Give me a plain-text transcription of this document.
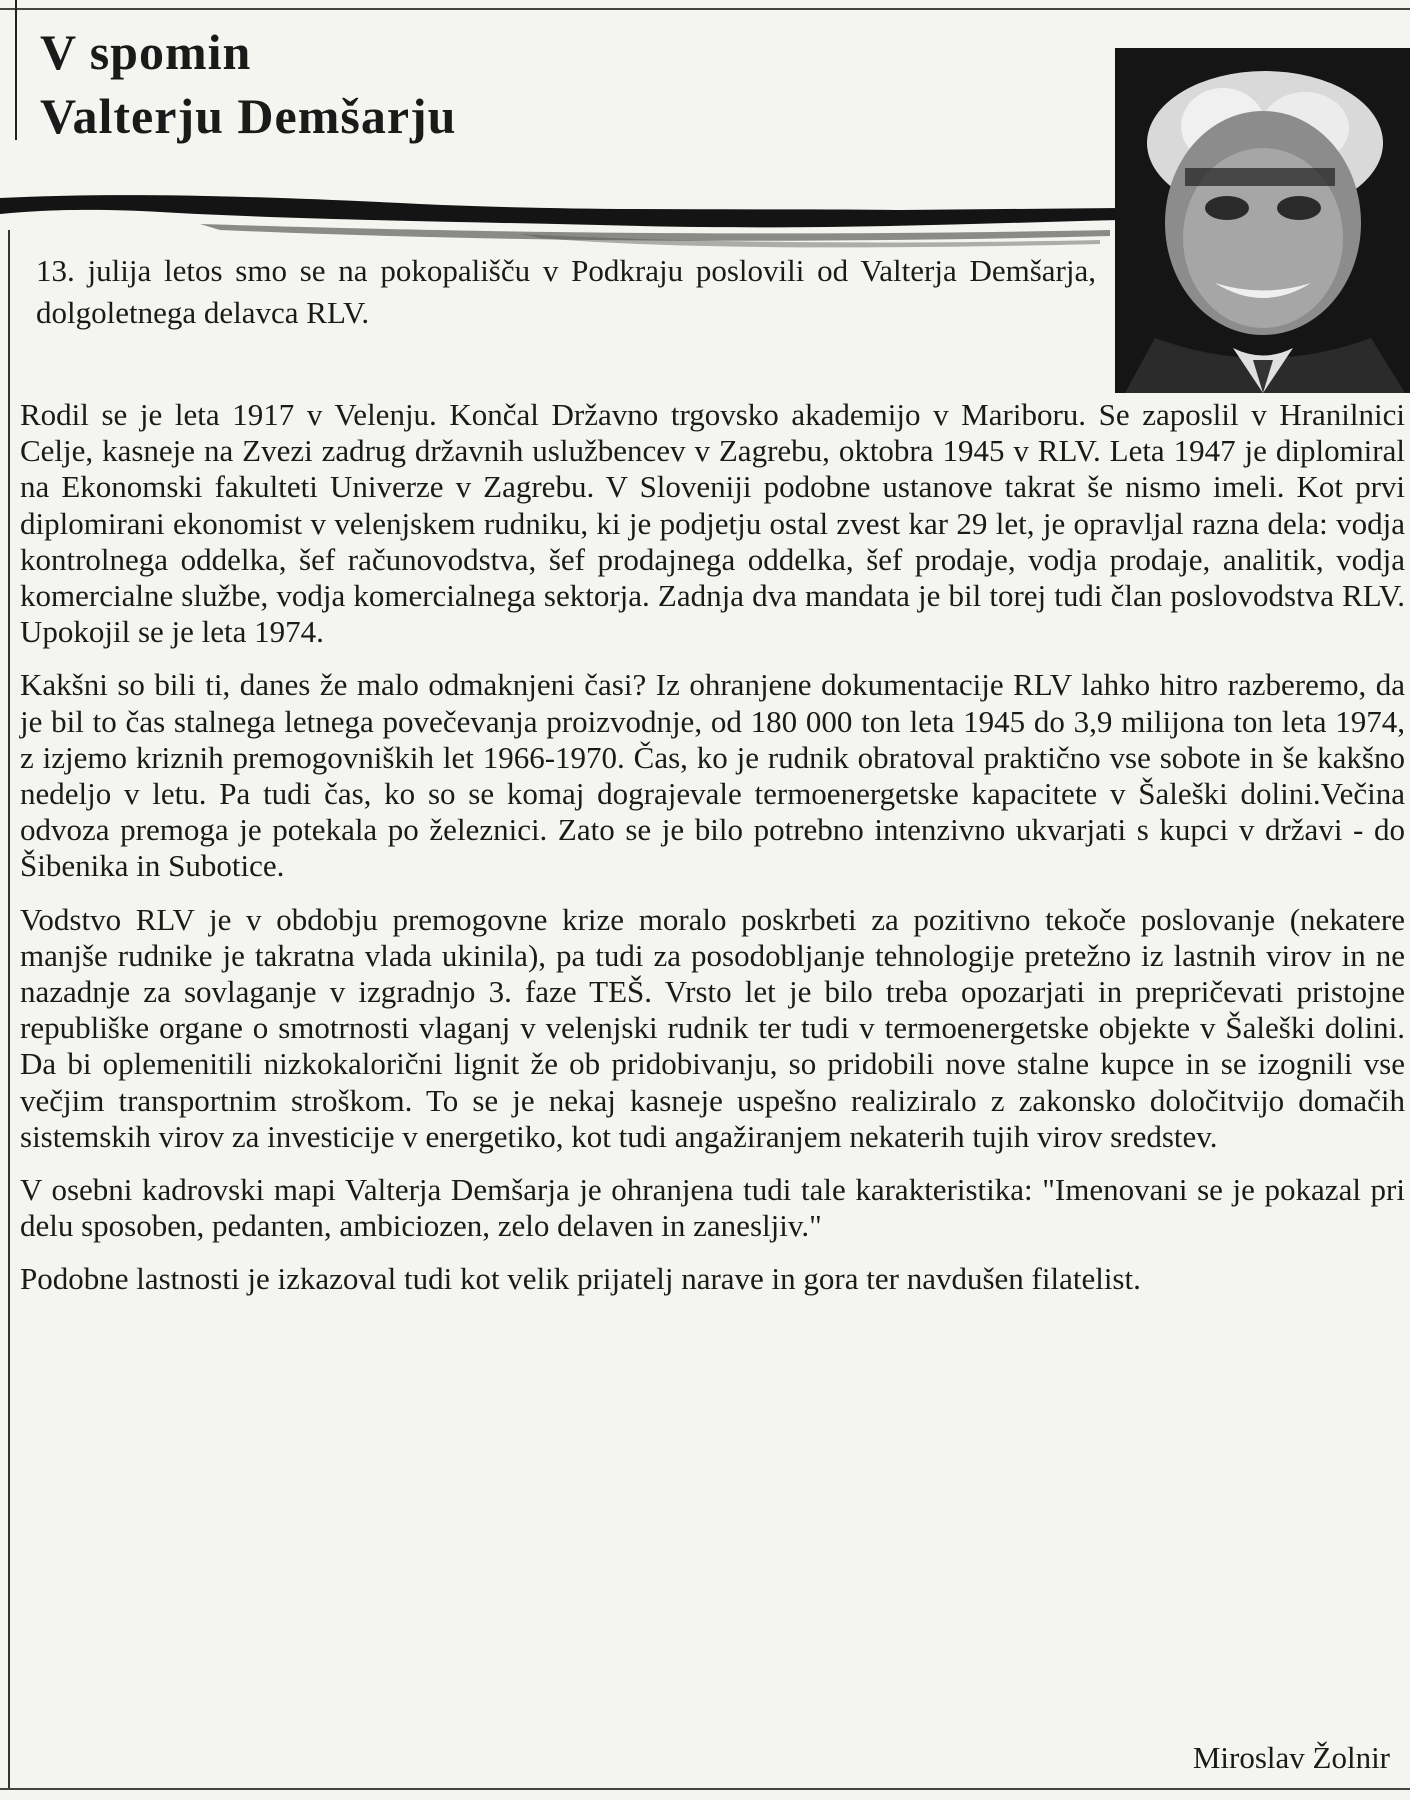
V spomin
Valterju Demšarju

13. julija letos smo se na pokopališču v Podkraju poslovili od Valterja Demšarja, dolgoletnega delavca RLV.

Rodil se je leta 1917 v Velenju. Končal Državno trgovsko akademijo v Mariboru. Se zaposlil v Hranilnici Celje, kasneje na Zvezi zadrug državnih uslužbencev v Zagrebu, oktobra 1945 v RLV. Leta 1947 je diplomiral na Ekonomski fakulteti Univerze v Zagrebu. V Sloveniji podobne ustanove takrat še nismo imeli. Kot prvi diplomirani ekonomist v velenjskem rudniku, ki je podjetju ostal zvest kar 29 let, je opravljal razna dela: vodja kontrolnega oddelka, šef računovodstva, šef prodajnega oddelka, šef prodaje, vodja prodaje, analitik, vodja komercialne službe, vodja komercialnega sektorja. Zadnja dva mandata je bil torej tudi član poslovodstva RLV. Upokojil se je leta 1974.

Kakšni so bili ti, danes že malo odmaknjeni časi? Iz ohranjene dokumentacije RLV lahko hitro razberemo, da je bil to čas stalnega letnega povečevanja proizvodnje, od 180 000 ton leta 1945 do 3,9 milijona ton leta 1974, z izjemo kriznih premogovniških let 1966-1970. Čas, ko je rudnik obratoval praktično vse sobote in še kakšno nedeljo v letu. Pa tudi čas, ko so se komaj dograjevale termoenergetske kapacitete v Šaleški dolini.Večina odvoza premoga je potekala po železnici. Zato se je bilo potrebno intenzivno ukvarjati s kupci v državi - do Šibenika in Subotice.

Vodstvo RLV je v obdobju premogovne krize moralo poskrbeti za pozitivno tekoče poslovanje (nekatere manjše rudnike je takratna vlada ukinila), pa tudi za posodobljanje tehnologije pretežno iz lastnih virov in ne nazadnje za sovlaganje v izgradnjo 3. faze TEŠ. Vrsto let je bilo treba opozarjati in prepričevati pristojne republiške organe o smotrnosti vlaganj v velenjski rudnik ter tudi v termoenergetske objekte v Šaleški dolini. Da bi oplemenitili nizkokalorični lignit že ob pridobivanju, so pridobili nove stalne kupce in se izognili vse večjim transportnim stroškom. To se je nekaj kasneje uspešno realiziralo z zakonsko določitvijo domačih sistemskih virov za investicije v energetiko, kot tudi angažiranjem nekaterih tujih virov sredstev.

V osebni kadrovski mapi Valterja Demšarja je ohranjena tudi tale karakteristika: "Imenovani se je pokazal pri delu sposoben, pedanten, ambiciozen, zelo delaven in zanesljiv."

Podobne lastnosti je izkazoval tudi kot velik prijatelj narave in gora ter navdušen filatelist.

Miroslav Žolnir
